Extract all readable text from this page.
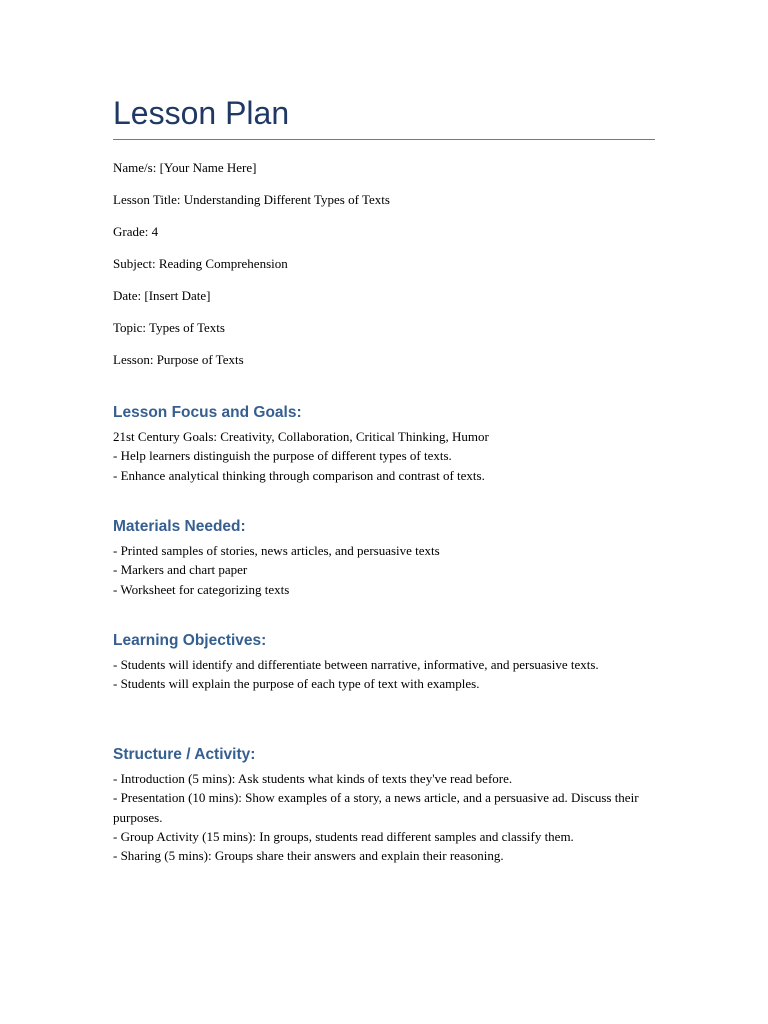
Lesson Plan
Name/s: [Your Name Here]
Lesson Title: Understanding Different Types of Texts
Grade: 4
Subject: Reading Comprehension
Date: [Insert Date]
Topic: Types of Texts
Lesson: Purpose of Texts
Lesson Focus and Goals:
21st Century Goals: Creativity, Collaboration, Critical Thinking, Humor
- Help learners distinguish the purpose of different types of texts.
- Enhance analytical thinking through comparison and contrast of texts.
Materials Needed:
- Printed samples of stories, news articles, and persuasive texts
- Markers and chart paper
- Worksheet for categorizing texts
Learning Objectives:
- Students will identify and differentiate between narrative, informative, and persuasive texts.
- Students will explain the purpose of each type of text with examples.
Structure / Activity:
- Introduction (5 mins): Ask students what kinds of texts they've read before.
- Presentation (10 mins): Show examples of a story, a news article, and a persuasive ad. Discuss their purposes.
- Group Activity (15 mins): In groups, students read different samples and classify them.
- Sharing (5 mins): Groups share their answers and explain their reasoning.
